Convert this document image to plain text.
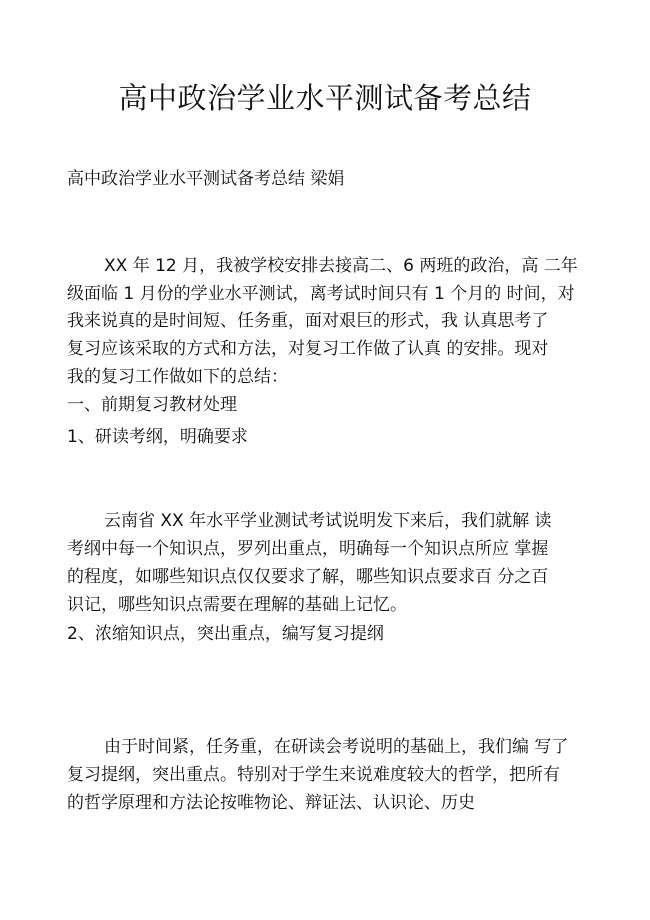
高中政治学业水平测试备考总结
高中政治学业水平测试备考总结 梁娟
XX 年 12 月，我被学校安排去接高二、6 两班的政治，高 二年
级面临 1 月份的学业水平测试，离考试时间只有 1 个月的 时间，对
我来说真的是时间短、任务重，面对艰巨的形式，我 认真思考了
复习应该采取的方式和方法，对复习工作做了认真 的安排。现对
我的复习工作做如下的总结：
一、前期复习教材处理
1、研读考纲，明确要求
云南省 XX 年水平学业测试考试说明发下来后，我们就解 读
考纲中每一个知识点，罗列出重点，明确每一个知识点所应 掌握
的程度，如哪些知识点仅仅要求了解，哪些知识点要求百 分之百
识记，哪些知识点需要在理解的基础上记忆。
2、浓缩知识点，突出重点，编写复习提纲
由于时间紧，任务重，在研读会考说明的基础上，我们编 写了
复习提纲，突出重点。特别对于学生来说难度较大的哲学，把所有
的哲学原理和方法论按唯物论、辩证法、认识论、历史
